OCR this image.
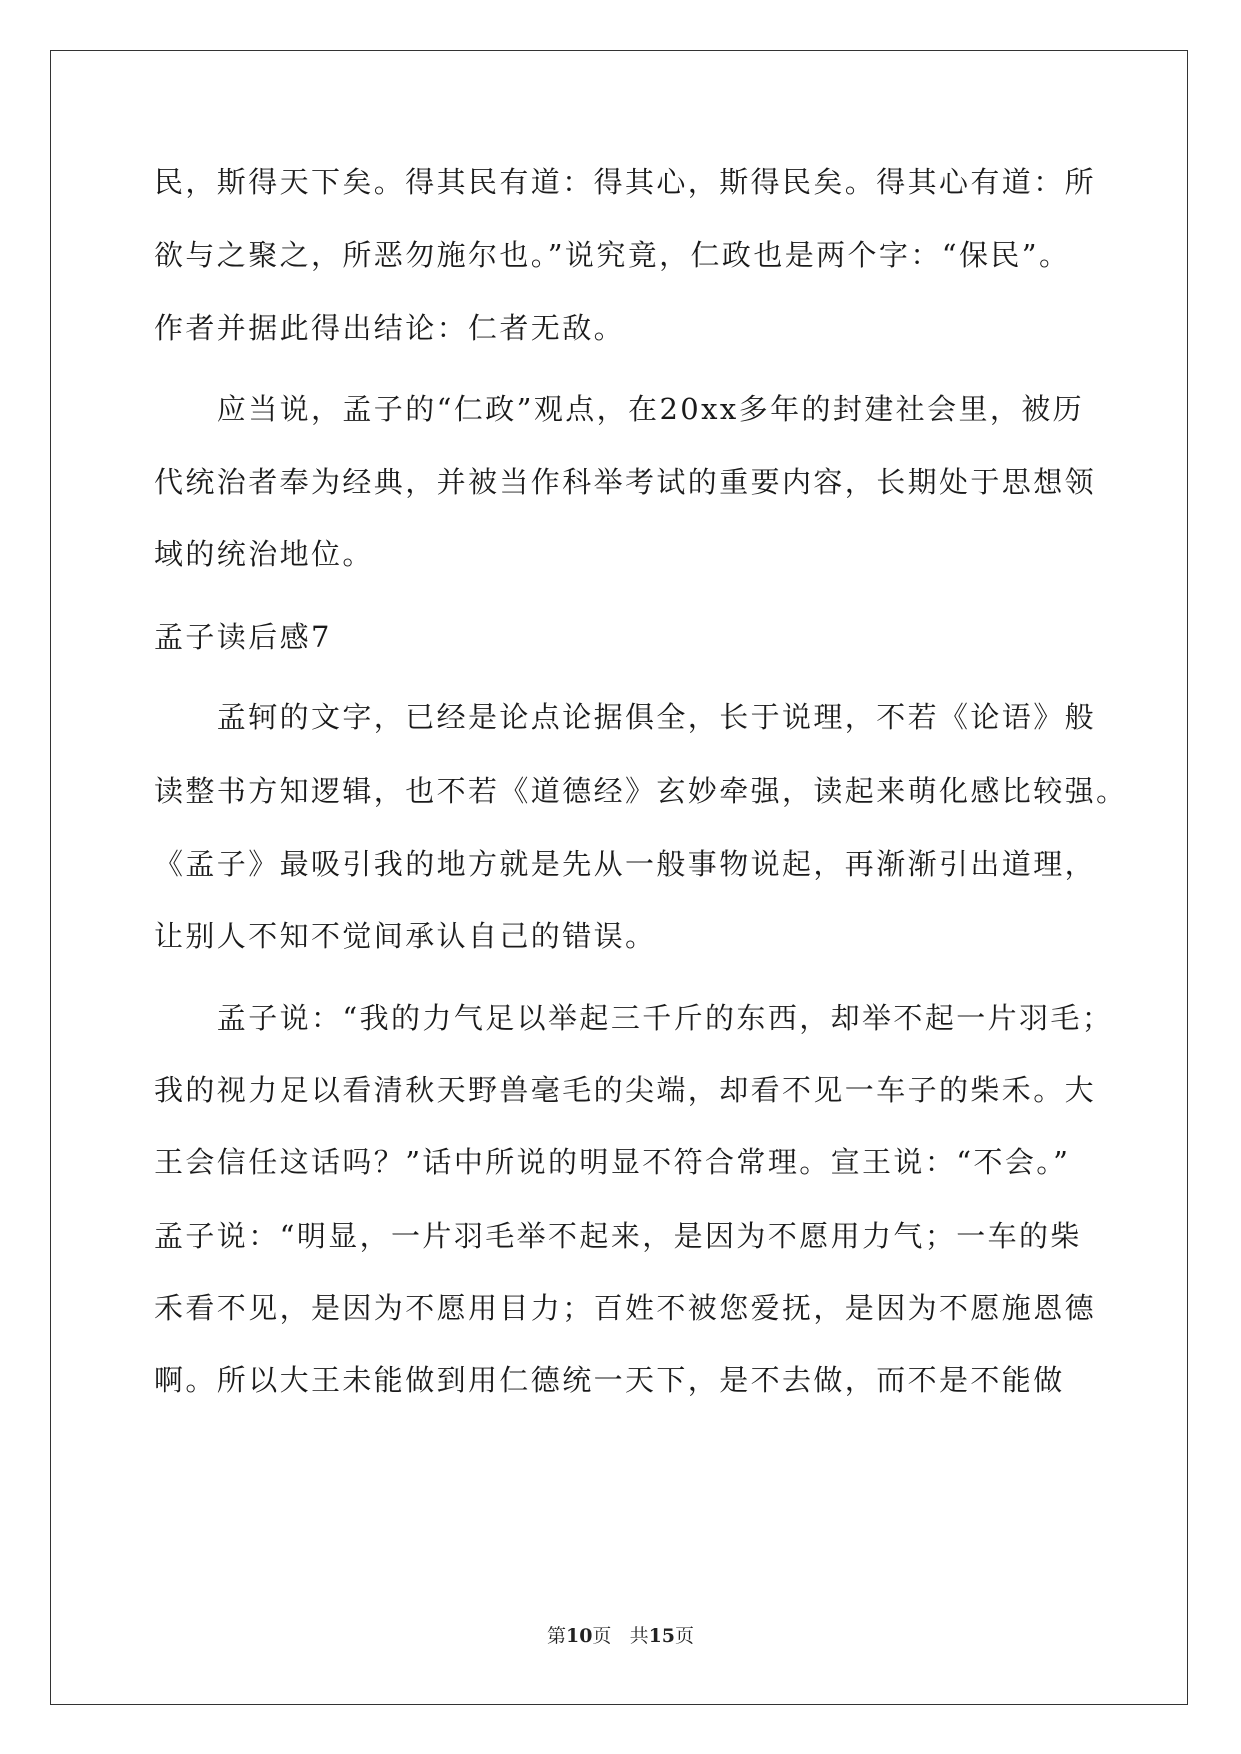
民，斯得天下矣。得其民有道：得其心，斯得民矣。得其心有道：所
欲与之聚之，所恶勿施尔也。”说究竟，仁政也是两个字：“保民”。
作者并据此得出结论：仁者无敌。
　　应当说，孟子的“仁政”观点，在20xx多年的封建社会里，被历
代统治者奉为经典，并被当作科举考试的重要内容，长期处于思想领
域的统治地位。
孟子读后感7
　　孟轲的文字，已经是论点论据俱全，长于说理，不若《论语》般
读整书方知逻辑，也不若《道德经》玄妙牵强，读起来萌化感比较强。
《孟子》最吸引我的地方就是先从一般事物说起，再渐渐引出道理，
让别人不知不觉间承认自己的错误。
　　孟子说：“我的力气足以举起三千斤的东西，却举不起一片羽毛；
我的视力足以看清秋天野兽毫毛的尖端，却看不见一车子的柴禾。大
王会信任这话吗？”话中所说的明显不符合常理。宣王说：“不会。”
孟子说：“明显，一片羽毛举不起来，是因为不愿用力气；一车的柴
禾看不见，是因为不愿用目力；百姓不被您爱抚，是因为不愿施恩德
啊。所以大王未能做到用仁德统一天下，是不去做，而不是不能做
第10页 共15页
